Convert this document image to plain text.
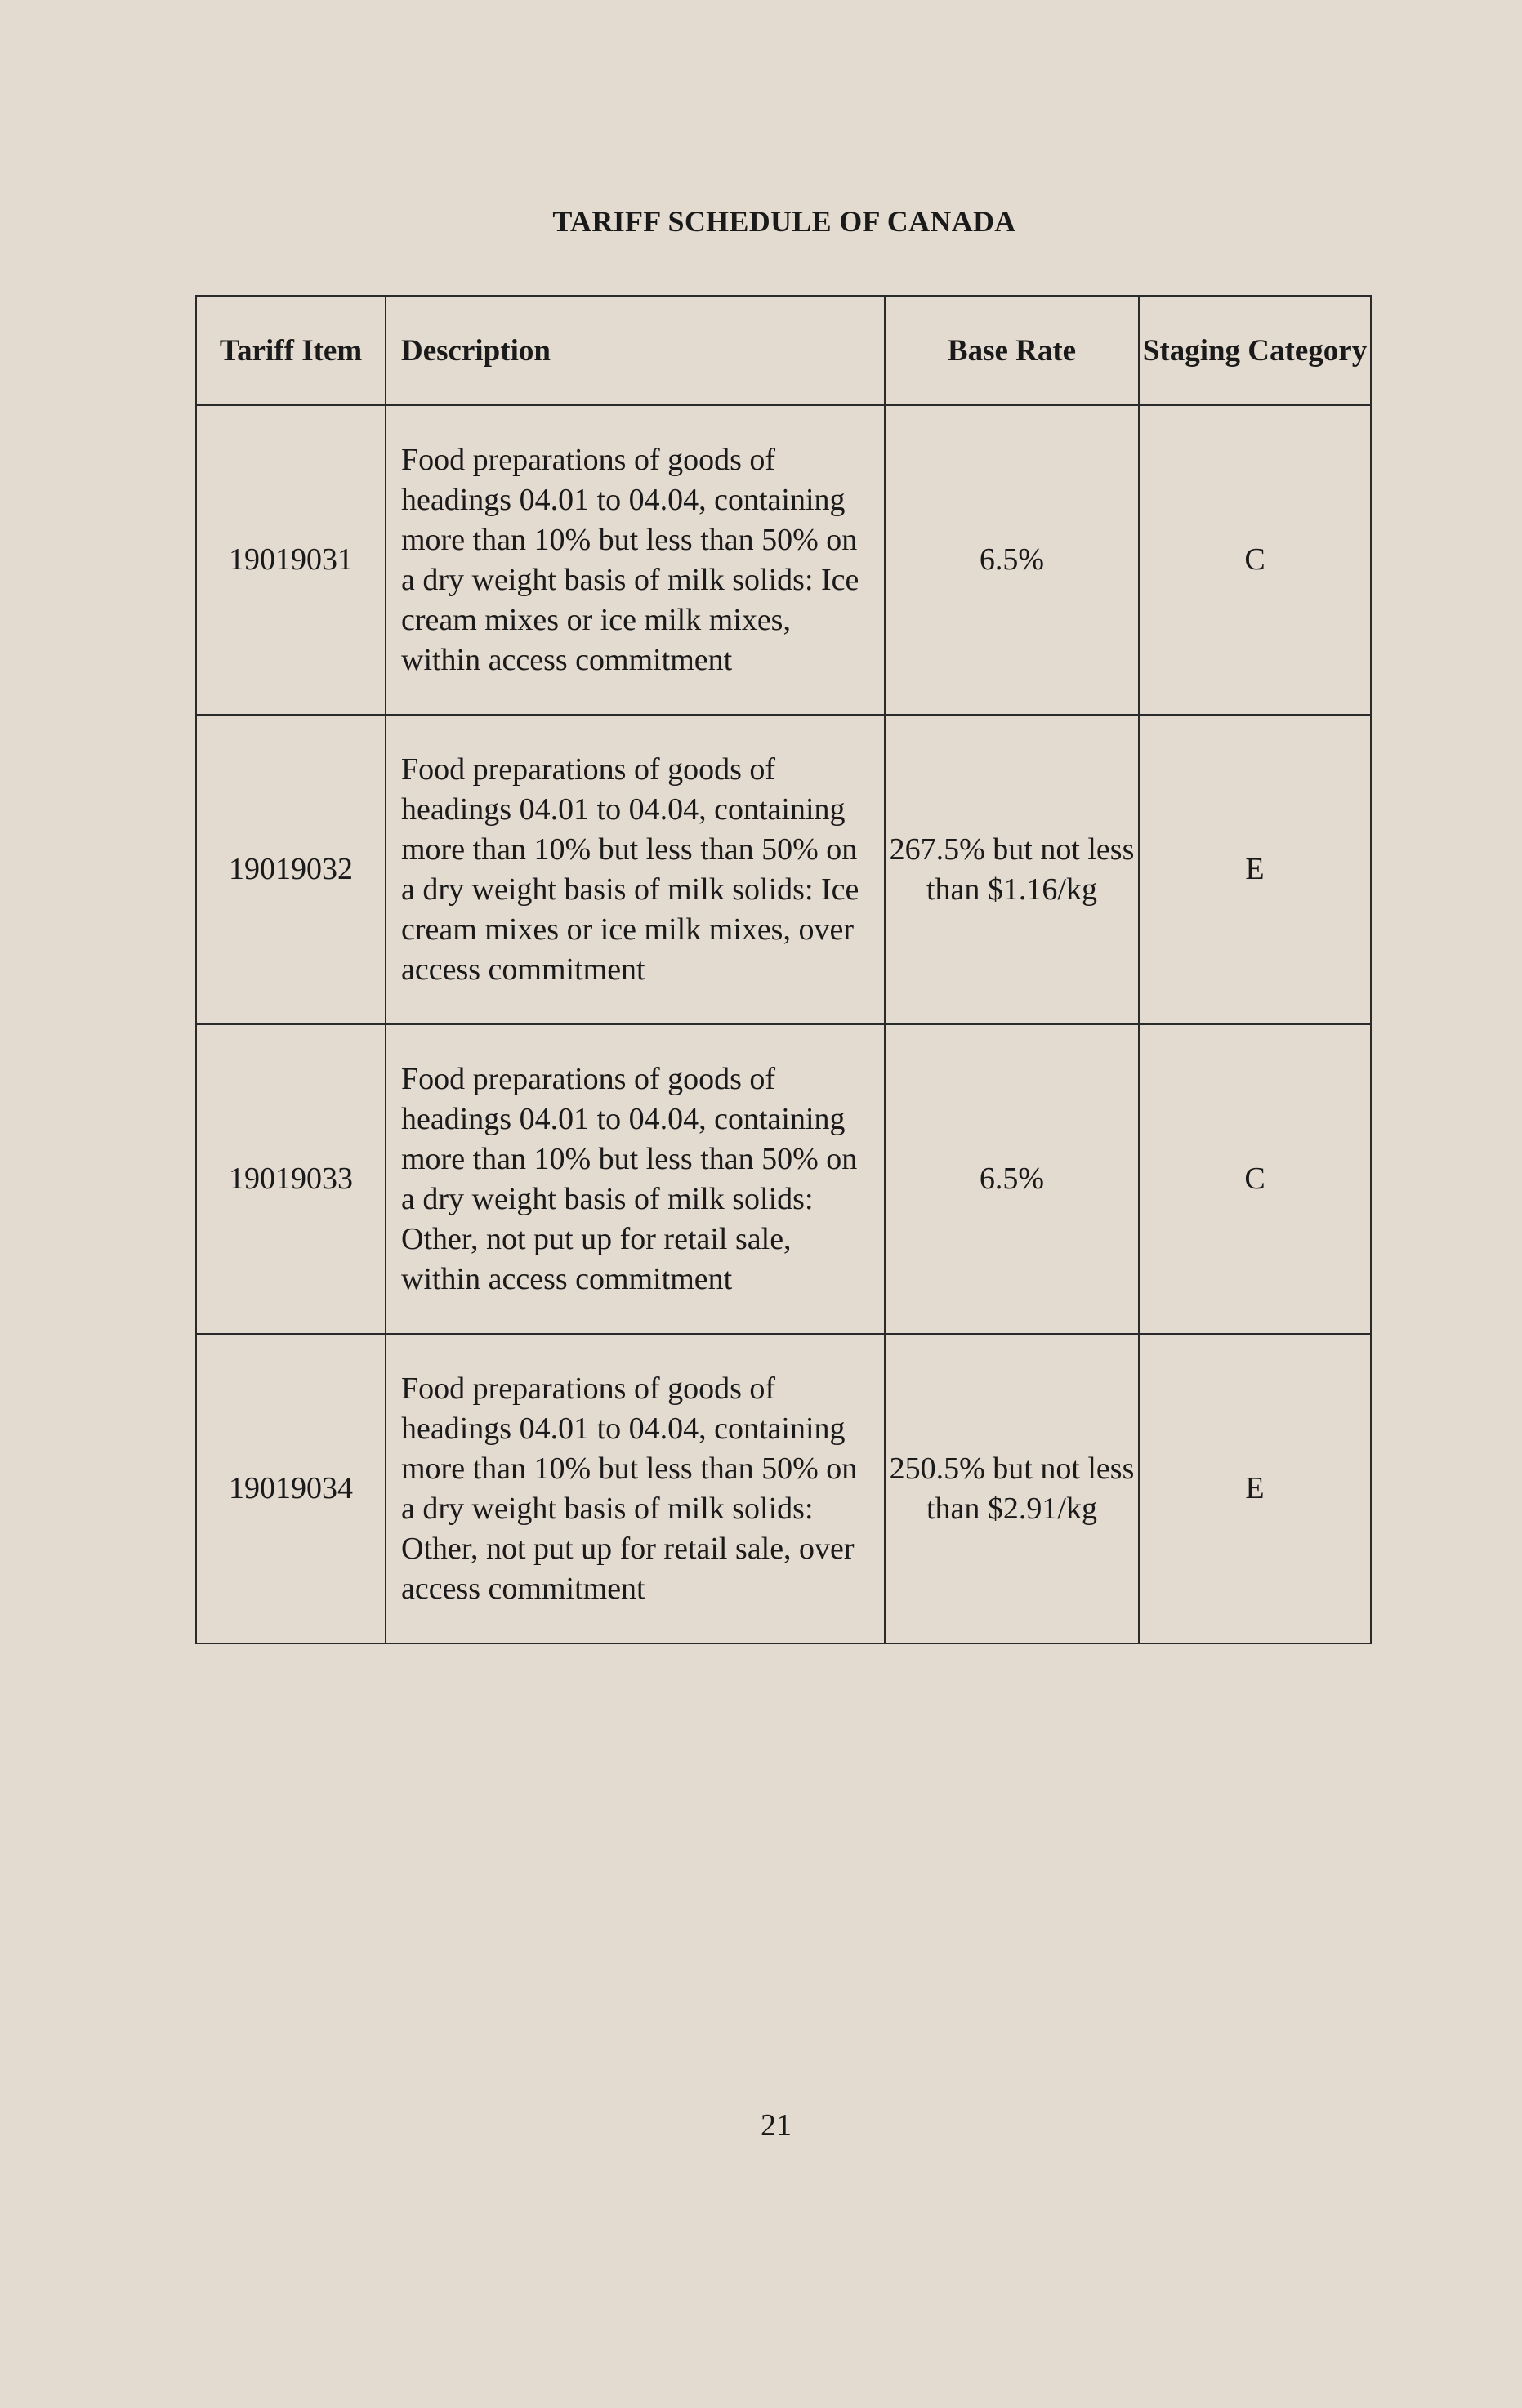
TARIFF SCHEDULE OF CANADA
Tariff Item	Description	Base Rate	Staging Category
19019031	Food preparations of goods of headings 04.01 to 04.04, containing more than 10% but less than 50% on a dry weight basis of milk solids: Ice cream mixes or ice milk mixes, within access commitment	6.5%	C
19019032	Food preparations of goods of headings 04.01 to 04.04, containing more than 10% but less than 50% on a dry weight basis of milk solids: Ice cream mixes or ice milk mixes, over access commitment	267.5% but not less than $1.16/kg	E
19019033	Food preparations of goods of headings 04.01 to 04.04, containing more than 10% but less than 50% on a dry weight basis of milk solids: Other, not put up for retail sale, within access commitment	6.5%	C
19019034	Food preparations of goods of headings 04.01 to 04.04, containing more than 10% but less than 50% on a dry weight basis of milk solids: Other, not put up for retail sale, over access commitment	250.5% but not less than $2.91/kg	E
21
